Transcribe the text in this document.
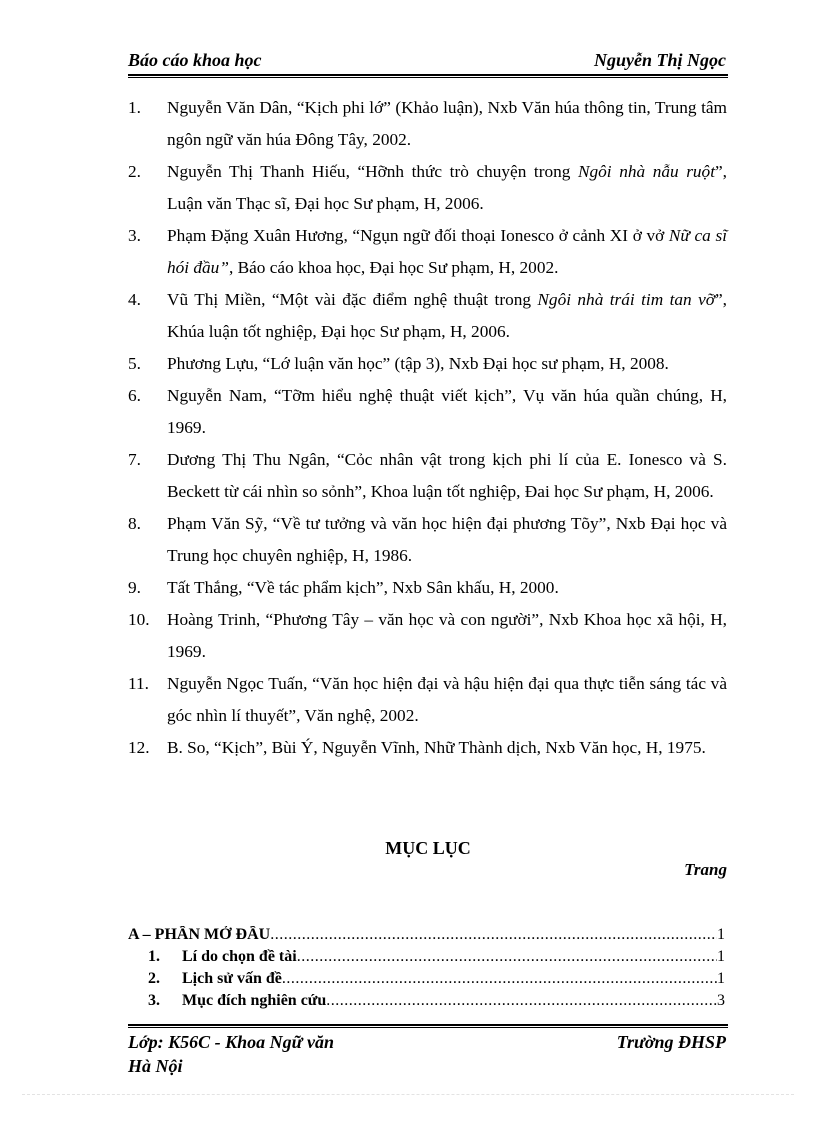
Báo cáo khoa học	Nguyễn Thị Ngọc
1.	Nguyễn Văn Dân, “Kịch phi lớ” (Khảo luận), Nxb Văn húa thông tin, Trung tâm ngôn ngữ văn húa Đông Tây, 2002.
2.	Nguyễn Thị Thanh Hiếu, “Hỡnh thức trò chuyện trong Ngôi nhà nẫu ruột”, Luận văn Thạc sĩ, Đại học Sư phạm, H, 2006.
3.	Phạm Đặng Xuân Hương, “Ngụn ngữ đối thoại Ionesco ở cảnh XI ở vở Nữ ca sĩ hói đầu”, Báo cáo khoa học, Đại học Sư phạm, H, 2002.
4.	Vũ Thị Miền, “Một vài đặc điểm nghệ thuật trong Ngôi nhà trái tim tan vỡ”, Khúa luận tốt nghiệp, Đại học Sư phạm, H, 2006.
5.	Phương Lựu, “Lớ luận văn học” (tập 3), Nxb Đại học sư phạm, H, 2008.
6.	Nguyễn Nam, “Tỡm hiểu nghệ thuật viết kịch”, Vụ văn húa quần chúng, H, 1969.
7.	Dương Thị Thu Ngân, “Cỏc nhân vật trong kịch phi lí của E. Ionesco và S. Beckett từ cái nhìn so sỏnh”, Khoa luận tốt nghiệp, Đai học Sư phạm, H, 2006.
8.	Phạm Văn Sỹ, “Về tư tưởng và văn học hiện đại phương Tõy”, Nxb Đại học và Trung học chuyên nghiệp, H, 1986.
9.	Tất Thắng, “Về tác phẩm kịch”, Nxb Sân khấu, H, 2000.
10.	Hoàng Trinh, “Phương Tây – văn học và con người”, Nxb Khoa học xã hội, H, 1969.
11.	Nguyễn Ngọc Tuấn, “Văn học hiện đại và hậu hiện đại qua thực tiễn sáng tác và góc nhìn lí thuyết”, Văn nghệ, 2002.
12.	B. So, “Kịch”, Bùi Ý, Nguyễn Vĩnh, Nhữ Thành dịch, Nxb Văn học, H, 1975.
MỤC LỤC
Trang
A – PHẦN MỞ ĐẦU .....	1
1.	Lí do chọn đề tài .....	1
2.	Lịch sử vấn đề .....	1
3.	Mục đích nghiên cứu .....	3
Lớp: K56C - Khoa Ngữ văn	Trường ĐHSP
Hà Nội
